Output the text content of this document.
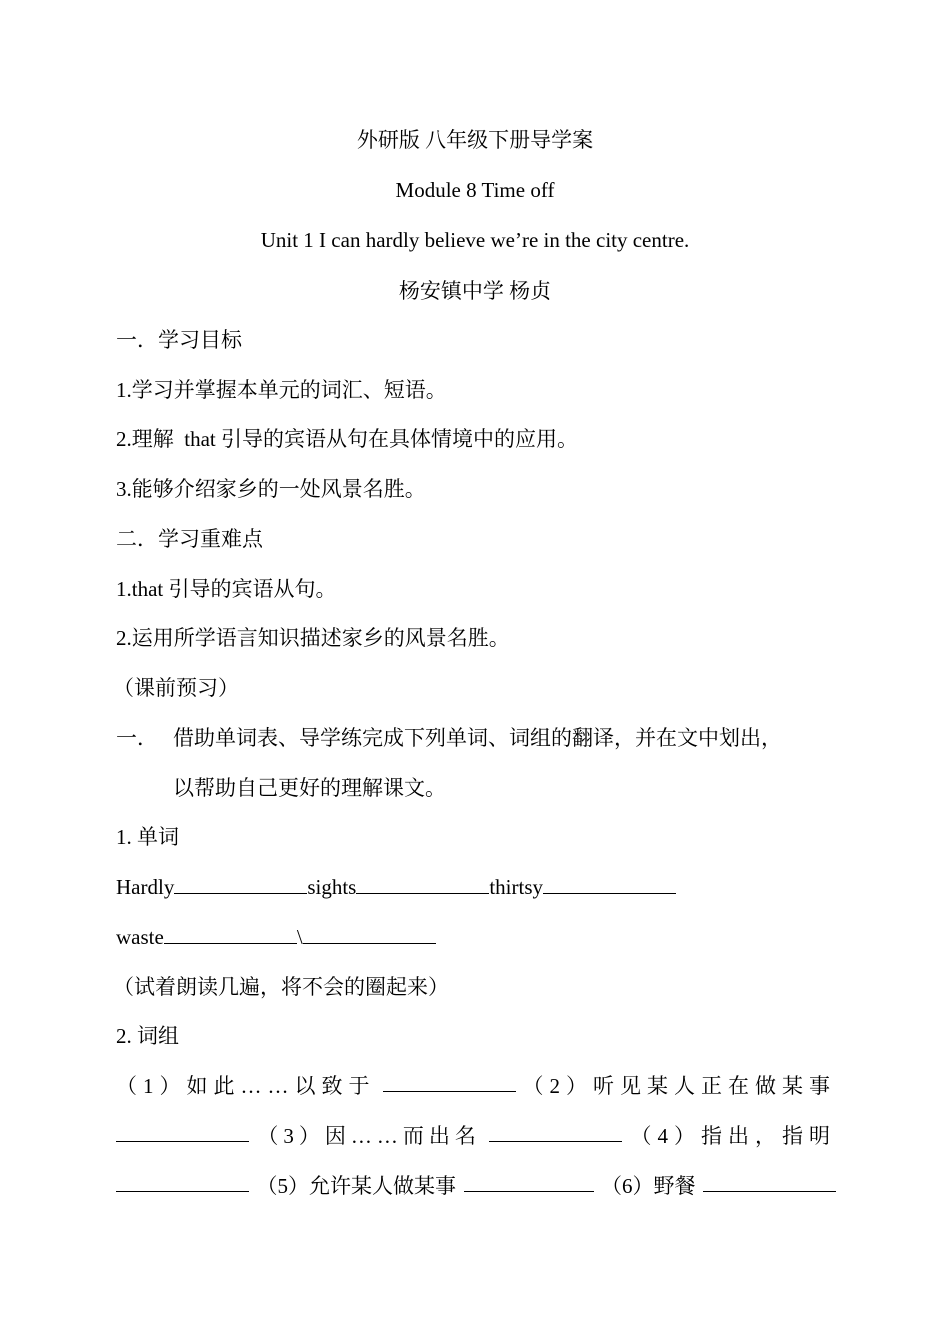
外研版 八年级下册导学案
Module 8 Time off
Unit 1 I can hardly believe we’re in the city centre.
杨安镇中学 杨贞
一．学习目标
1.学习并掌握本单元的词汇、短语。
2.理解  that 引导的宾语从句在具体情境中的应用。
3.能够介绍家乡的一处风景名胜。
二．学习重难点
1.that 引导的宾语从句。
2.运用所学语言知识描述家乡的风景名胜。
（课前预习）
一． 借助单词表、导学练完成下列单词、词组的翻译，并在文中划出，
以帮助自己更好的理解课文。
1. 单词
Hardly	sights	thirtsy
waste	\
（试着朗读几遍，将不会的圈起来）
2. 词组
（1）如此……以致于	（2）听见某人正在做某事
（3）因……而出名	（4）指出，指明
（5）允许某人做某事	（6）野餐
